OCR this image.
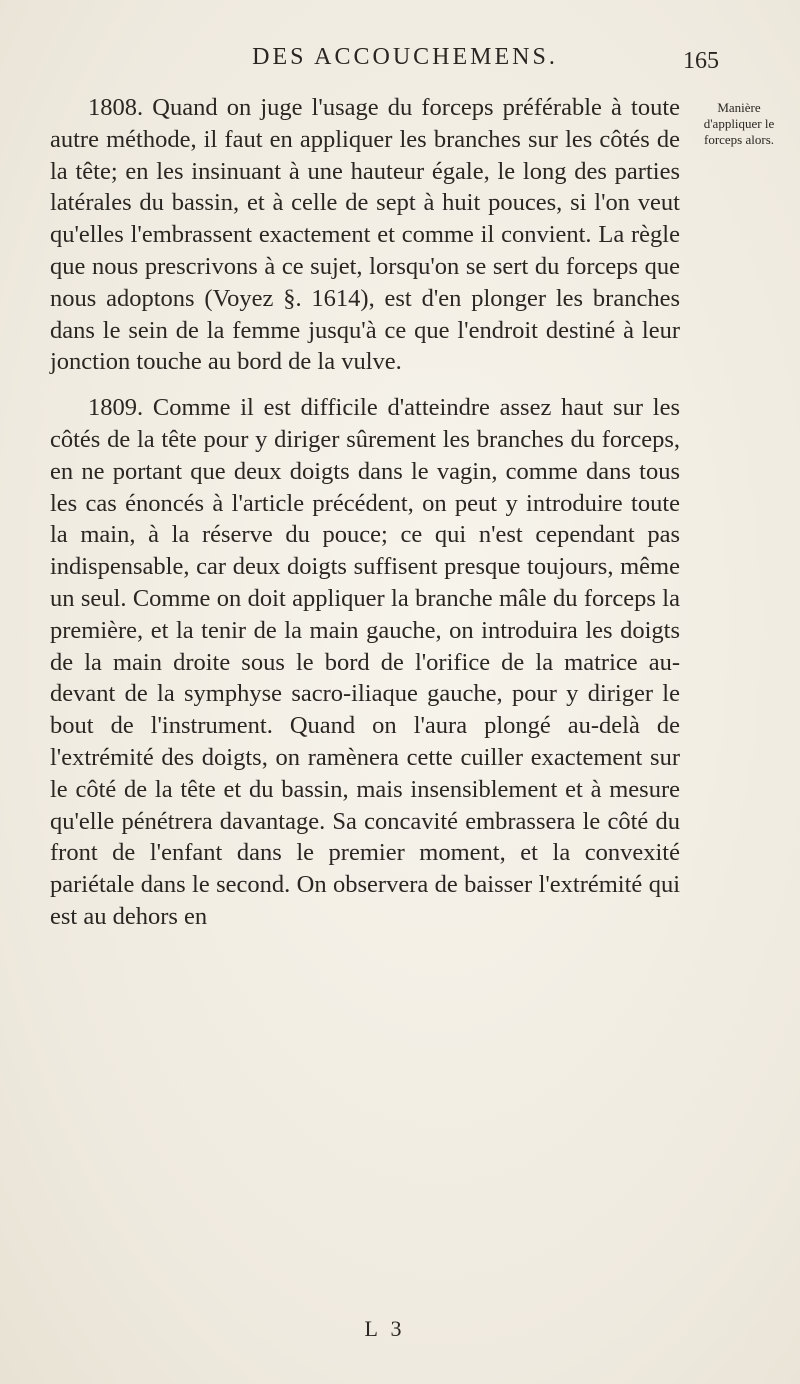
DES ACCOUCHEMENS.	165

1808. Quand on juge l'usage du forceps préférable à toute autre méthode, il faut en appliquer les branches sur les côtés de la tête; en les insinuant à une hauteur égale, le long des parties latérales du bassin, et à celle de sept à huit pouces, si l'on veut qu'elles l'embrassent exactement et comme il convient. La règle que nous prescrivons à ce sujet, lorsqu'on se sert du forceps que nous adoptons (Voyez §. 1614), est d'en plonger les branches dans le sein de la femme jusqu'à ce que l'endroit destiné à leur jonction touche au bord de la vulve.

1809. Comme il est difficile d'atteindre assez haut sur les côtés de la tête pour y diriger sûrement les branches du forceps, en ne portant que deux doigts dans le vagin, comme dans tous les cas énoncés à l'article précédent, on peut y introduire toute la main, à la réserve du pouce; ce qui n'est cependant pas indispensable, car deux doigts suffisent presque toujours, même un seul. Comme on doit appliquer la branche mâle du forceps la première, et la tenir de la main gauche, on introduira les doigts de la main droite sous le bord de l'orifice de la matrice au-devant de la symphyse sacro-iliaque gauche, pour y diriger le bout de l'instrument. Quand on l'aura plongé au-delà de l'extrémité des doigts, on ramènera cette cuiller exactement sur le côté de la tête et du bassin, mais insensiblement et à mesure qu'elle pénétrera davantage. Sa concavité embrassera le côté du front de l'enfant dans le premier moment, et la convexité pariétale dans le second. On observera de baisser l'extrémité qui est au dehors en

Manière d'appliquer le forceps alors.
L 3
